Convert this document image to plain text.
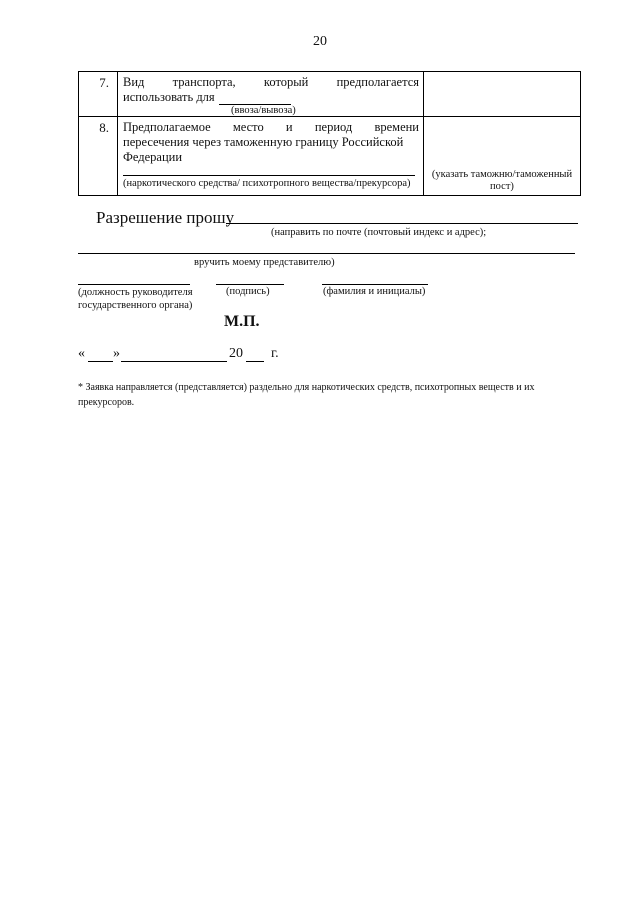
20
7.	Вид транспорта, который предполагается
использовать для
(ввоза/вывоза)	

8.	Предполагаемое место и период времени
пересечения через таможенную границу Российской
Федерации
(наркотического средства/ психотропного вещества/прекурсора)	(указать таможню/таможенный пост)
Разрешение прошу
(направить по почте (почтовый индекс и адрес);
вручить моему представителю)
(должность руководителя
государственного органа)
(подпись)	(фамилия и инициалы)
М.П.
« »	20 г.
* Заявка направляется (представляется) раздельно для наркотических средств, психотропных веществ и их прекурсоров.
